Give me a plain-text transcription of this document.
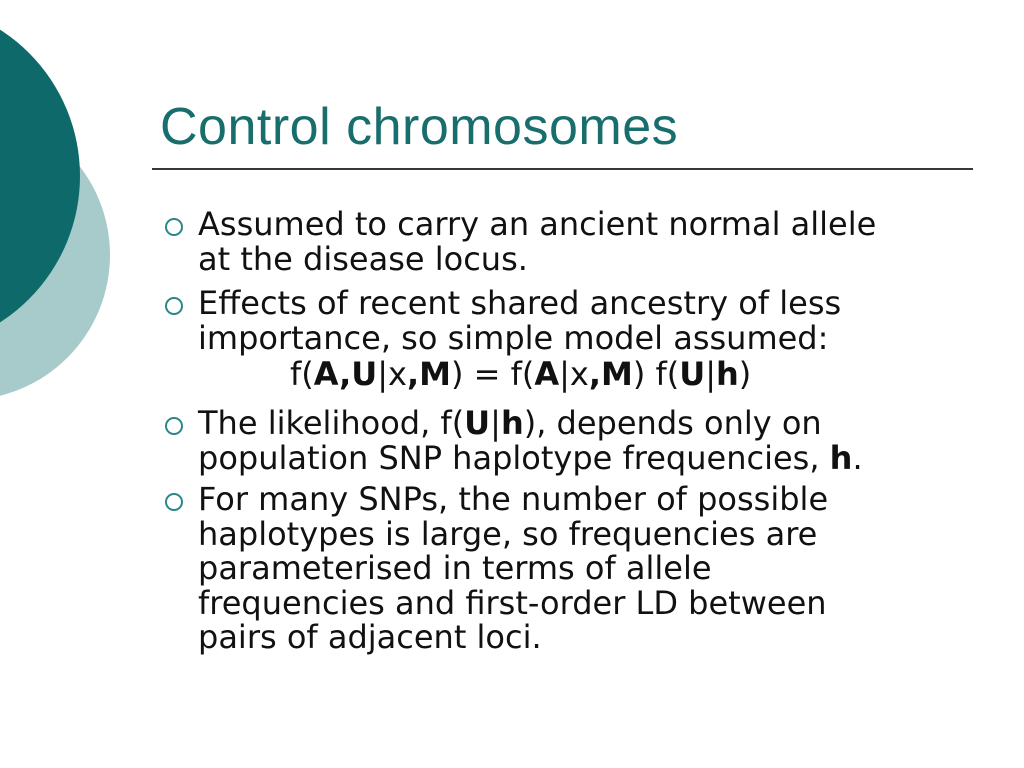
Control chromosomes
Assumed to carry an ancient normal allele
at the disease locus.
Effects of recent shared ancestry of less
importance, so simple model assumed:
f(A,U|x,M) = f(A|x,M) f(U|h)
The likelihood, f(U|h), depends only on
population SNP haplotype frequencies, h.
For many SNPs, the number of possible
haplotypes is large, so frequencies are
parameterised in terms of allele
frequencies and first-order LD between
pairs of adjacent loci.
